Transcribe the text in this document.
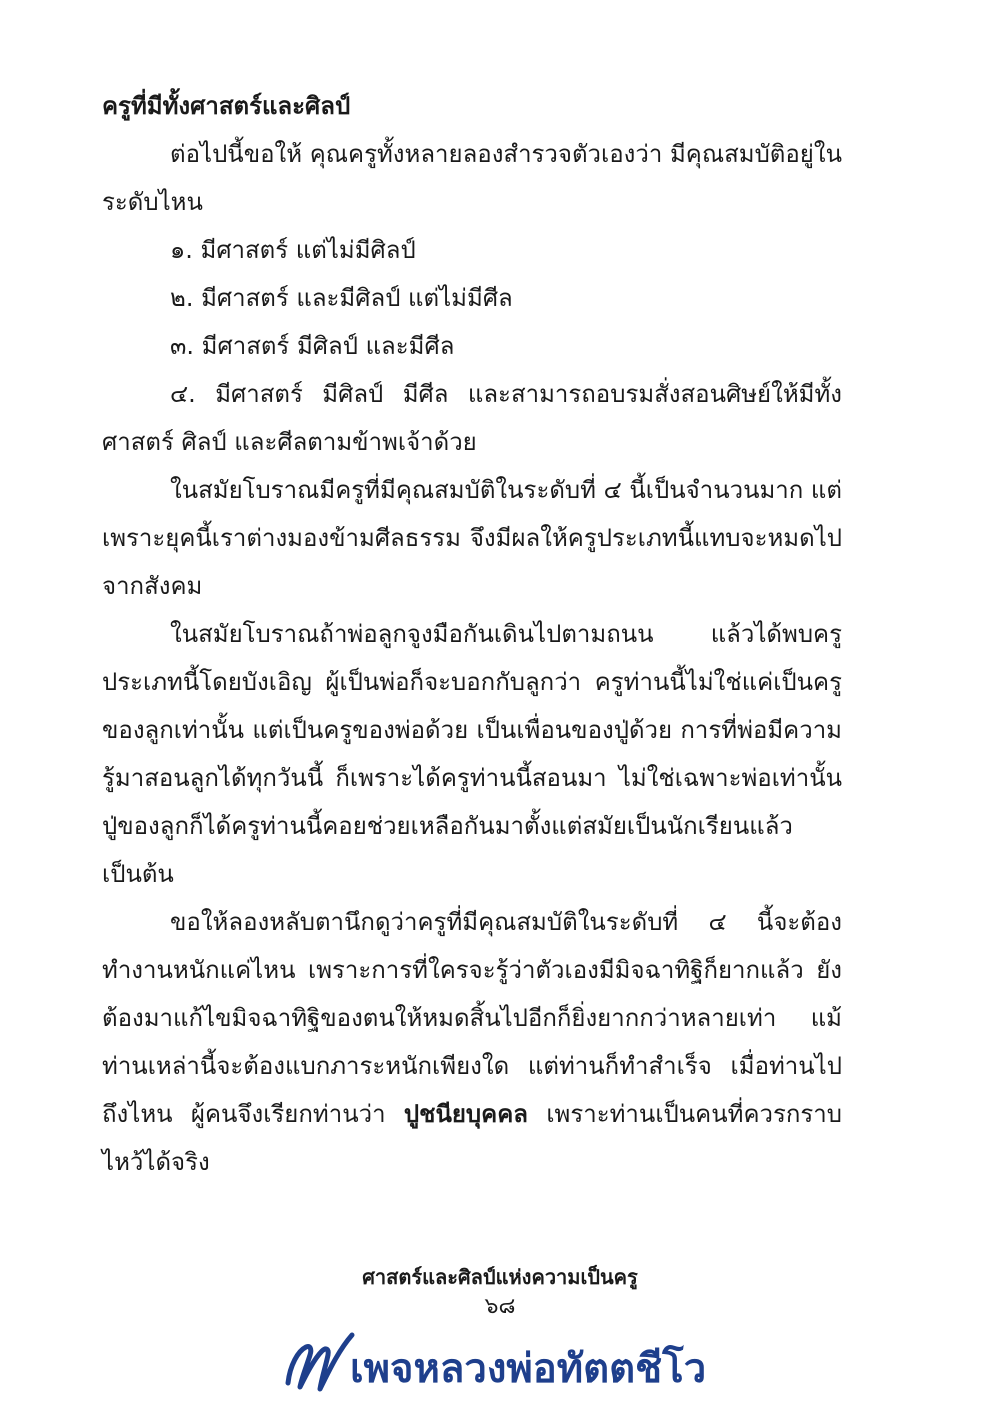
ครูที่มีทั้งศาสตร์และศิลป์

ต่อไปนี้ขอให้ คุณครูทั้งหลายลองสำรวจตัวเองว่า มีคุณสมบัติอยู่ในระดับไหน

๑. มีศาสตร์ แต่ไม่มีศิลป์

๒. มีศาสตร์ และมีศิลป์ แต่ไม่มีศีล

๓. มีศาสตร์ มีศิลป์ และมีศีล

๔. มีศาสตร์ มีศิลป์ มีศีล และสามารถอบรมสั่งสอนศิษย์ให้มีทั้งศาสตร์ ศิลป์ และศีลตามข้าพเจ้าด้วย

ในสมัยโบราณมีครูที่มีคุณสมบัติในระดับที่ ๔ นี้เป็นจำนวนมาก แต่เพราะยุคนี้เราต่างมองข้ามศีลธรรม จึงมีผลให้ครูประเภทนี้แทบจะหมดไปจากสังคม

ในสมัยโบราณถ้าพ่อลูกจูงมือกันเดินไปตามถนน แล้วได้พบครูประเภทนี้โดยบังเอิญ ผู้เป็นพ่อก็จะบอกกับลูกว่า ครูท่านนี้ไม่ใช่แค่เป็นครูของลูกเท่านั้น แต่เป็นครูของพ่อด้วย เป็นเพื่อนของปู่ด้วย การที่พ่อมีความรู้มาสอนลูกได้ทุกวันนี้ ก็เพราะได้ครูท่านนี้สอนมา ไม่ใช่เฉพาะพ่อเท่านั้น ปู่ของลูกก็ได้ครูท่านนี้คอยช่วยเหลือกันมาตั้งแต่สมัยเป็นนักเรียนแล้ว เป็นต้น

ขอให้ลองหลับตานึกดูว่าครูที่มีคุณสมบัติในระดับที่ ๔ นี้จะต้องทำงานหนักแค่ไหน เพราะการที่ใครจะรู้ว่าตัวเองมีมิจฉาทิฐิก็ยากแล้ว ยังต้องมาแก้ไขมิจฉาทิฐิของตนให้หมดสิ้นไปอีกก็ยิ่งยากกว่าหลายเท่า แม้ท่านเหล่านี้จะต้องแบกภาระหนักเพียงใด แต่ท่านก็ทำสำเร็จ เมื่อท่านไปถึงไหน ผู้คนจึงเรียกท่านว่า ปูชนียบุคคล เพราะท่านเป็นคนที่ควรกราบไหว้ได้จริง

ศาสตร์และศิลป์แห่งความเป็นครู
๖๘
เพจหลวงพ่อทัตตชีโว
